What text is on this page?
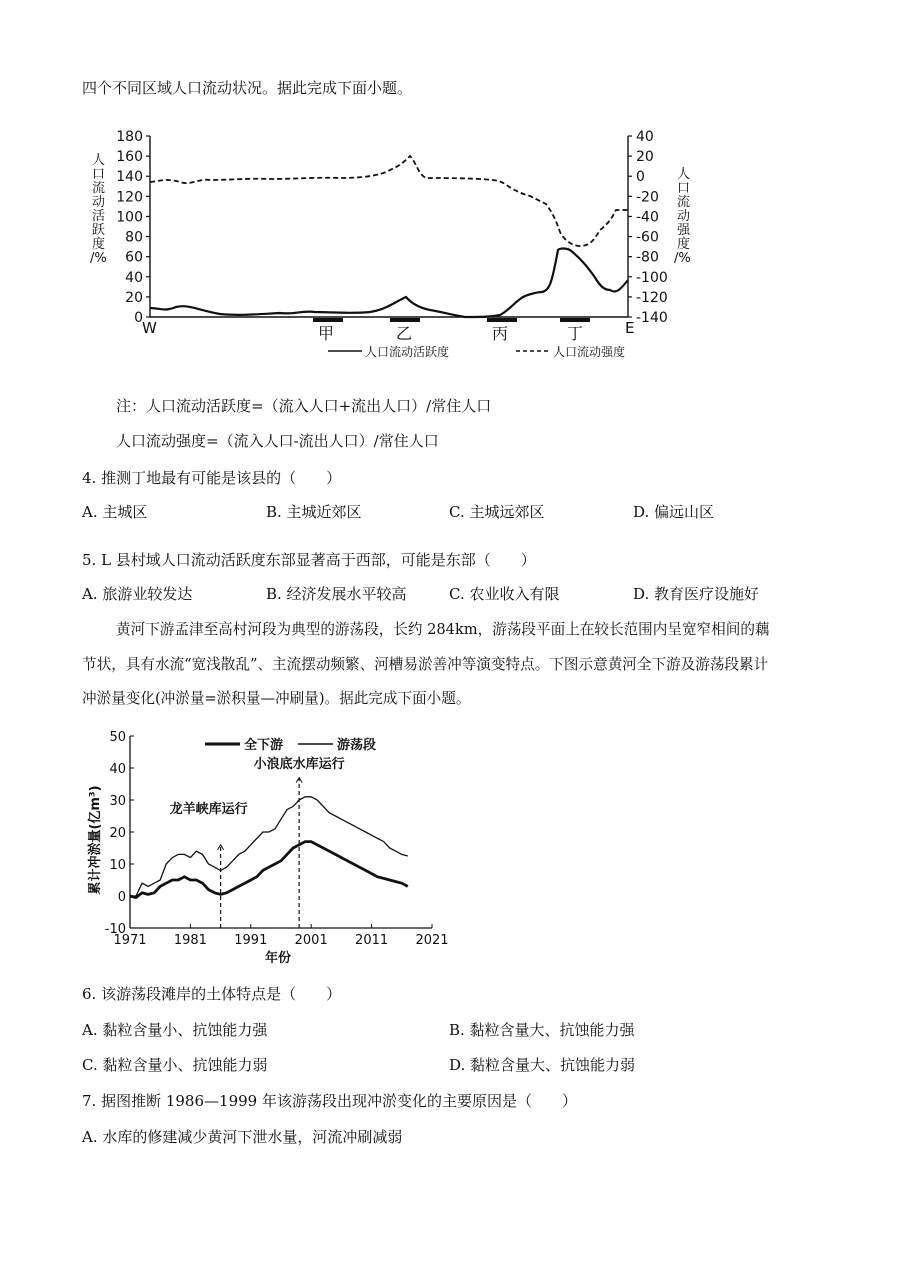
四个不同区域人口流动状况。据此完成下面小题。
人
口
流
动
活
跃
度
/%
人
口
流
动
强
度
/%
180
160
140
120
100
80
60
40
20
0
40
20
0
-20
-40
-60
-80
-100
-120
-140
W	E
甲	乙	丙	丁
人口流动活跃度	人口流动强度
注：人口流动活跃度=（流入人口+流出人口）/常住人口
人口流动强度=（流入人口-流出人口）/常住人口
4. 推测丁地最有可能是该县的（　　）
A. 主城区	B. 主城近郊区	C. 主城远郊区	D. 偏远山区
5. L 县村域人口流动活跃度东部显著高于西部，可能是东部（　　）
A. 旅游业较发达	B. 经济发展水平较高	C. 农业收入有限	D. 教育医疗设施好
黄河下游孟津至高村河段为典型的游荡段，长约 284km，游荡段平面上在较长范围内呈宽窄相间的藕
节状，具有水流“宽浅散乱”、主流摆动频繁、河槽易淤善冲等演变特点。下图示意黄河全下游及游荡段累计
冲淤量变化(冲淤量=淤积量—冲刷量)。据此完成下面小题。
50
40
30
20
10
0
-10
1971 1981 1991 2001 2011 2021
龙羊峡库运行
小浪底水库运行
全下游	游荡段
累计冲淤量(亿m³)
年份
6. 该游荡段滩岸的土体特点是（　　）
A. 黏粒含量小、抗蚀能力强	B. 黏粒含量大、抗蚀能力强
C. 黏粒含量小、抗蚀能力弱	D. 黏粒含量大、抗蚀能力弱
7. 据图推断 1986—1999 年该游荡段出现冲淤变化的主要原因是（　　）
A. 水库的修建减少黄河下泄水量，河流冲刷减弱
